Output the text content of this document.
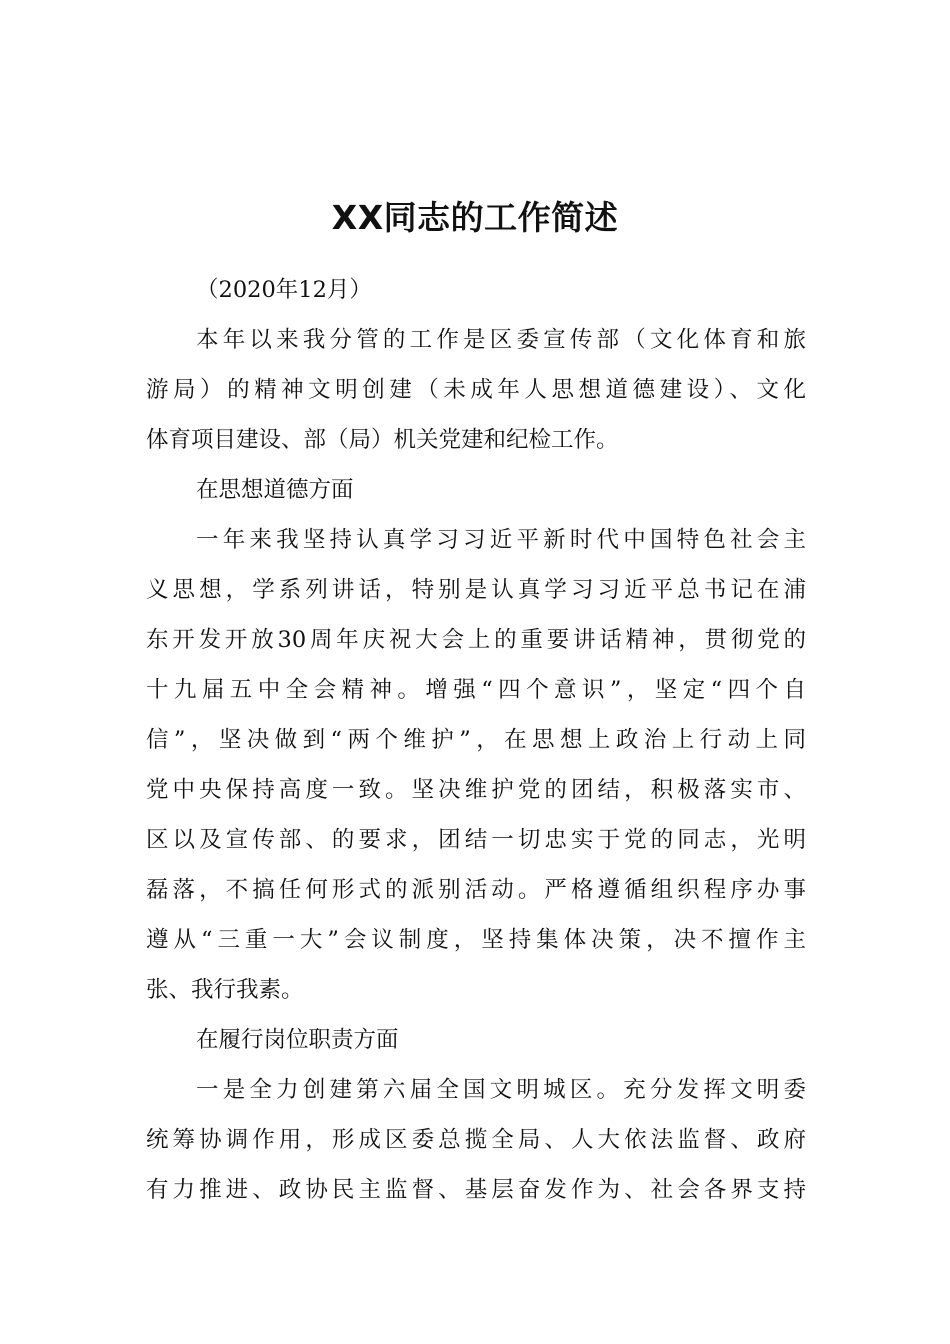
XX同志的工作简述
（2020年12月）
本年以来我分管的工作是区委宣传部（文化体育和旅
游局）的精神文明创建（未成年人思想道德建设）、文化
体育项目建设、部（局）机关党建和纪检工作。
在思想道德方面
一年来我坚持认真学习习近平新时代中国特色社会主
义思想，学系列讲话，特别是认真学习习近平总书记在浦
东开发开放30周年庆祝大会上的重要讲话精神，贯彻党的
十九届五中全会精神。增强“四个意识”，坚定“四个自
信”，坚决做到“两个维护”，在思想上政治上行动上同
党中央保持高度一致。坚决维护党的团结，积极落实市、
区以及宣传部、的要求，团结一切忠实于党的同志，光明
磊落，不搞任何形式的派别活动。严格遵循组织程序办事
遵从“三重一大”会议制度，坚持集体决策，决不擅作主
张、我行我素。
在履行岗位职责方面
一是全力创建第六届全国文明城区。充分发挥文明委
统筹协调作用，形成区委总揽全局、人大依法监督、政府
有力推进、政协民主监督、基层奋发作为、社会各界支持
